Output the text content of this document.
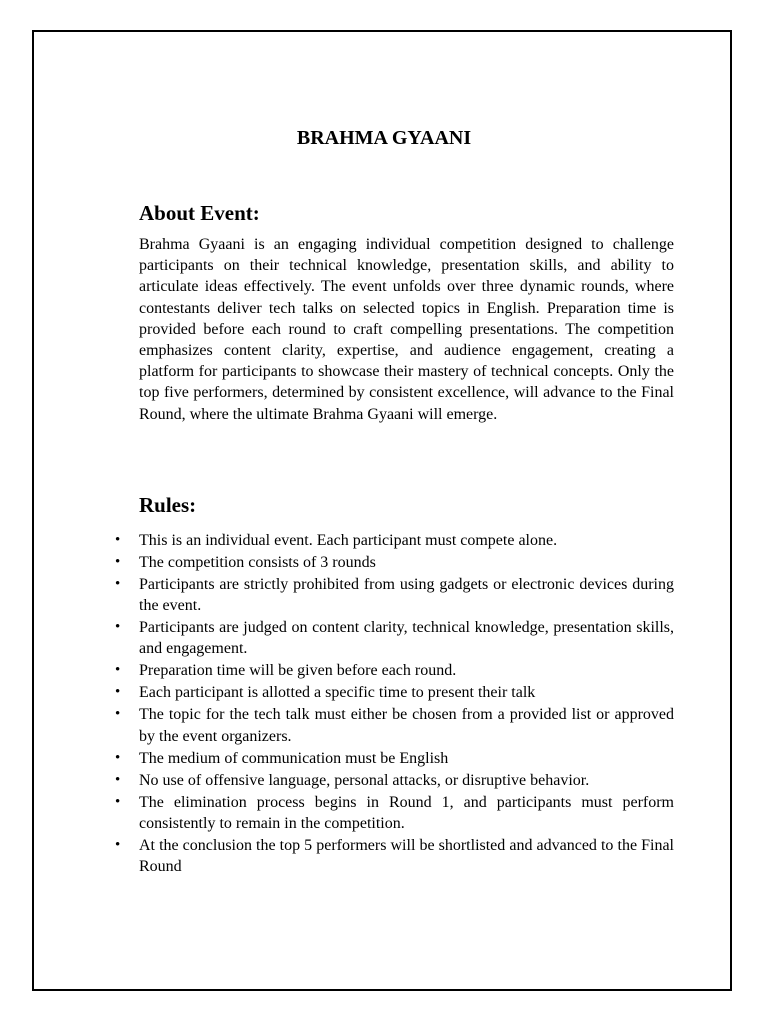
BRAHMA GYAANI
About Event:

Brahma Gyaani is an engaging individual competition designed to challenge participants on their technical knowledge, presentation skills, and ability to articulate ideas effectively. The event unfolds over three dynamic rounds, where contestants deliver tech talks on selected topics in English. Preparation time is provided before each round to craft compelling presentations. The competition emphasizes content clarity, expertise, and audience engagement, creating a platform for participants to showcase their mastery of technical concepts. Only the top five performers, determined by consistent excellence, will advance to the Final Round, where the ultimate Brahma Gyaani will emerge.

Rules:
• This is an individual event. Each participant must compete alone.
• The competition consists of 3 rounds
• Participants are strictly prohibited from using gadgets or electronic devices during the event.
• Participants are judged on content clarity, technical knowledge, presentation skills, and engagement.
• Preparation time will be given before each round.
• Each participant is allotted a specific time to present their talk
• The topic for the tech talk must either be chosen from a provided list or approved by the event organizers.
• The medium of communication must be English
• No use of offensive language, personal attacks, or disruptive behavior.
• The elimination process begins in Round 1, and participants must perform consistently to remain in the competition.
• At the conclusion the top 5 performers will be shortlisted and advanced to the Final Round
